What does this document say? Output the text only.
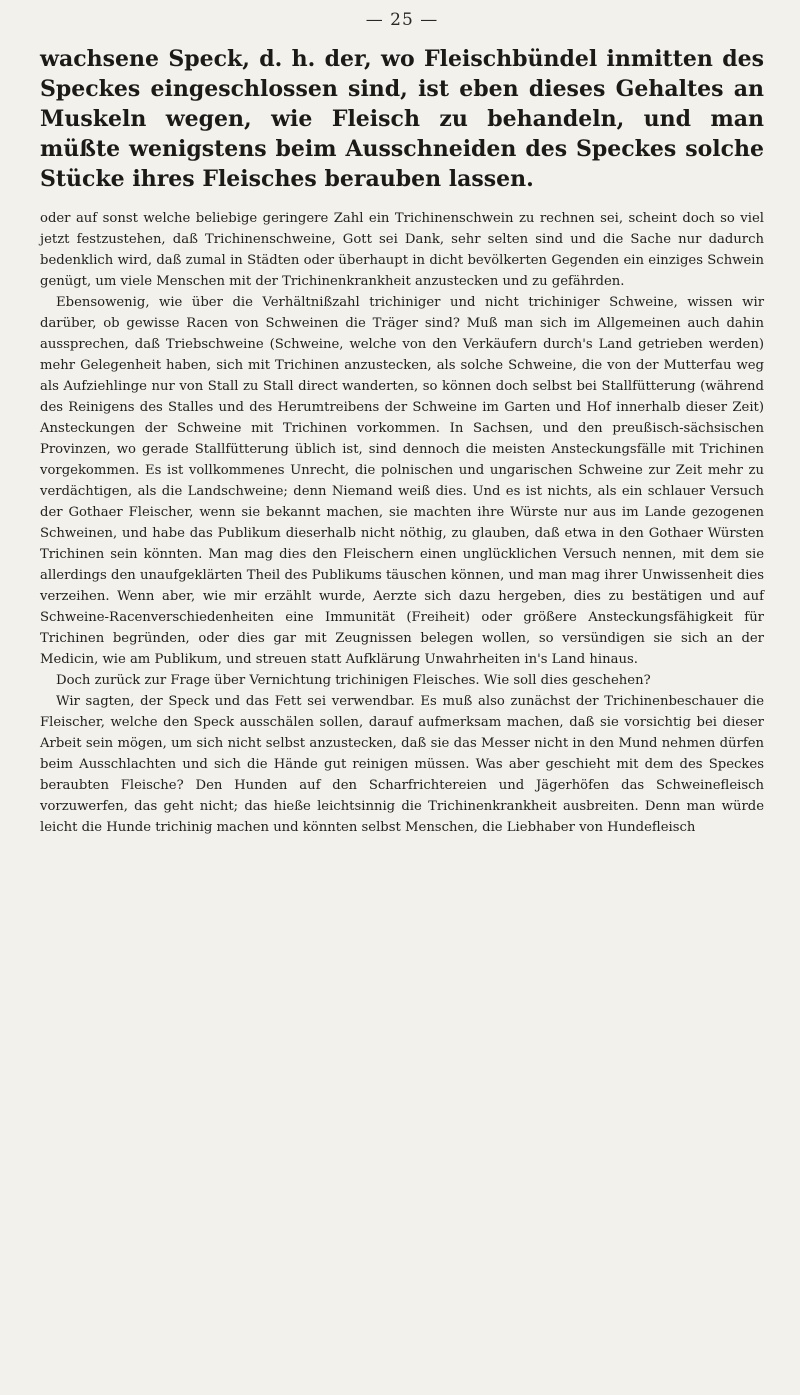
— 25 —

wachsene Speck, d. h. der, wo Fleischbündel inmitten des Speckes eingeschlossen sind, ist eben dieses Gehaltes an Muskeln wegen, wie Fleisch zu behandeln, und man müßte wenigstens beim Ausschneiden des Speckes solche Stücke ihres Fleisches berauben lassen.

oder auf sonst welche beliebige geringere Zahl ein Trichinenschwein zu rechnen sei, scheint doch so viel jetzt festzustehen, daß Trichinenschweine, Gott sei Dank, sehr selten sind und die Sache nur dadurch bedenklich wird, daß zumal in Städten oder überhaupt in dicht bevölkerten Gegenden ein einziges Schwein genügt, um viele Menschen mit der Trichinenkrankheit anzustecken und zu gefährden.

Ebensowenig, wie über die Verhältnißzahl trichiniger und nicht trichiniger Schweine, wissen wir darüber, ob gewisse Racen von Schweinen die Träger sind? Muß man sich im Allgemeinen auch dahin aussprechen, daß Triebschweine (Schweine, welche von den Verkäufern durch's Land getrieben werden) mehr Gelegenheit haben, sich mit Trichinen anzustecken, als solche Schweine, die von der Mutterfau weg als Aufziehlinge nur von Stall zu Stall direct wanderten, so können doch selbst bei Stallfütterung (während des Reinigens des Stalles und des Herumtreibens der Schweine im Garten und Hof innerhalb dieser Zeit) Ansteckungen der Schweine mit Trichinen vorkommen. In Sachsen, und den preußisch-sächsischen Provinzen, wo gerade Stallfütterung üblich ist, sind dennoch die meisten Ansteckungsfälle mit Trichinen vorgekommen. Es ist vollkommenes Unrecht, die polnischen und ungarischen Schweine zur Zeit mehr zu verdächtigen, als die Landschweine; denn Niemand weiß dies. Und es ist nichts, als ein schlauer Versuch der Gothaer Fleischer, wenn sie bekannt machen, sie machten ihre Würste nur aus im Lande gezogenen Schweinen, und habe das Publikum dieserhalb nicht nöthig, zu glauben, daß etwa in den Gothaer Würsten Trichinen sein könnten. Man mag dies den Fleischern einen unglücklichen Versuch nennen, mit dem sie allerdings den unaufgeklärten Theil des Publikums täuschen können, und man mag ihrer Unwissenheit dies verzeihen. Wenn aber, wie mir erzählt wurde, Aerzte sich dazu hergeben, dies zu bestätigen und auf Schweine-Racenverschiedenheiten eine Immunität (Freiheit) oder größere Ansteckungsfähigkeit für Trichinen begründen, oder dies gar mit Zeugnissen belegen wollen, so versündigen sie sich an der Medicin, wie am Publikum, und streuen statt Aufklärung Unwahrheiten in's Land hinaus.

Doch zurück zur Frage über Vernichtung trichinigen Fleisches. Wie soll dies geschehen?

Wir sagten, der Speck und das Fett sei verwendbar. Es muß also zunächst der Trichinenbeschauer die Fleischer, welche den Speck ausschälen sollen, darauf aufmerksam machen, daß sie vorsichtig bei dieser Arbeit sein mögen, um sich nicht selbst anzustecken, daß sie das Messer nicht in den Mund nehmen dürfen beim Ausschlachten und sich die Hände gut reinigen müssen. Was aber geschieht mit dem des Speckes beraubten Fleische? Den Hunden auf den Scharfrichtereien und Jägerhöfen das Schweinefleisch vorzuwerfen, das geht nicht; das hieße leichtsinnig die Trichinenkrankheit ausbreiten. Denn man würde leicht die Hunde trichinig machen und könnten selbst Menschen, die Liebhaber von Hundefleisch
